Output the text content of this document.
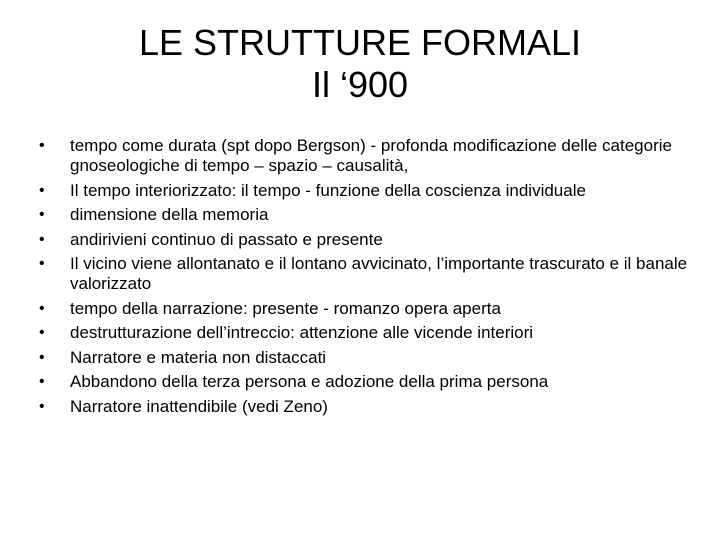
LE STRUTTURE FORMALI
Il ‘900
• tempo come durata (spt dopo Bergson) - profonda modificazione delle categorie gnoseologiche di tempo – spazio – causalità,
• Il tempo interiorizzato: il tempo - funzione della coscienza individuale
• dimensione della memoria
• andirivieni continuo di passato e presente
• Il vicino viene allontanato e il lontano avvicinato, l’importante trascurato e il banale valorizzato
• tempo della narrazione: presente - romanzo opera aperta
• destrutturazione dell’intreccio: attenzione alle vicende interiori
• Narratore e materia non distaccati
• Abbandono della terza persona e adozione della prima persona
• Narratore inattendibile (vedi Zeno)
